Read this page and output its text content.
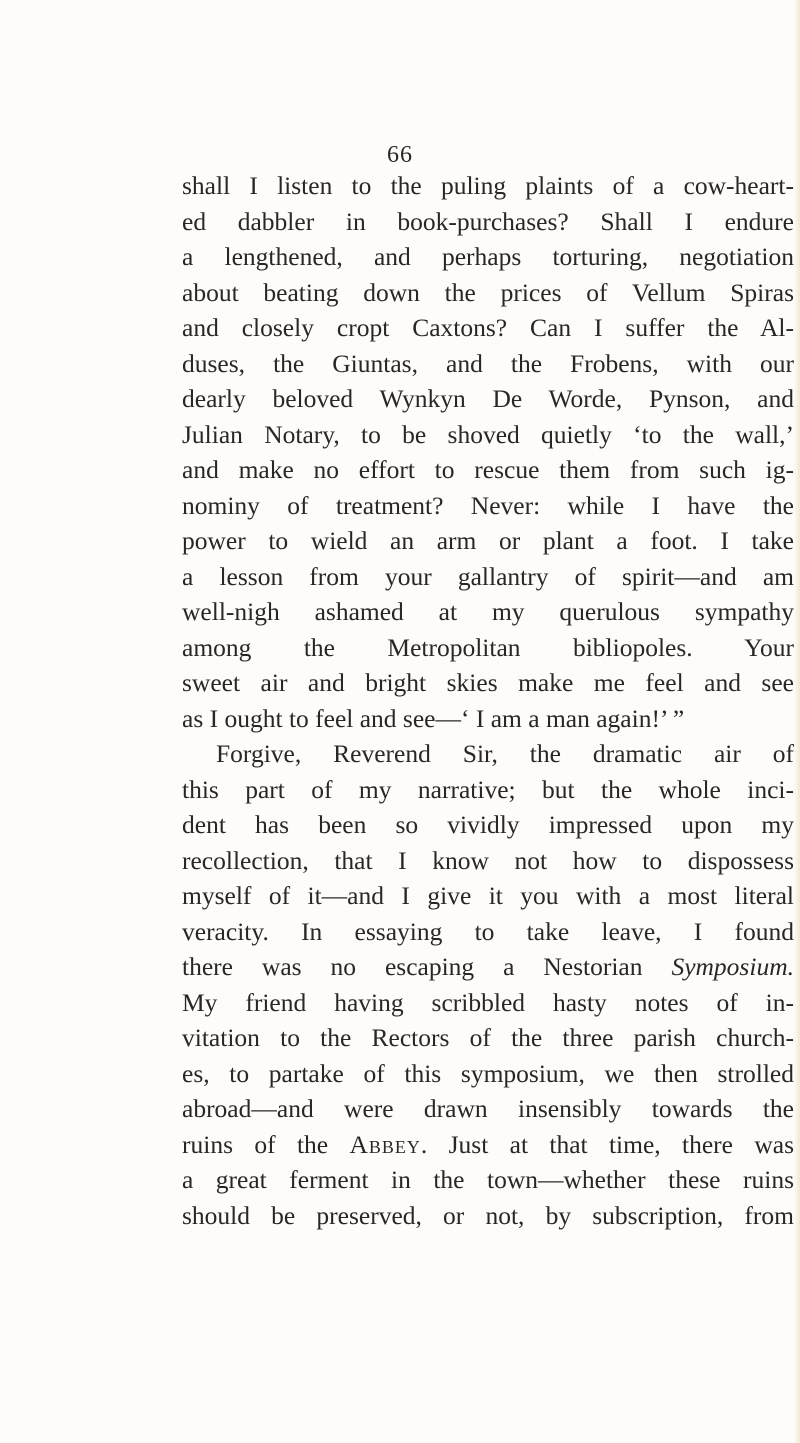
66
shall I listen to the puling plaints of a cow-heart-
ed dabbler in book-purchases? Shall I endure
a lengthened, and perhaps torturing, negotiation
about beating down the prices of Vellum Spiras
and closely cropt Caxtons? Can I suffer the Al-
duses, the Giuntas, and the Frobens, with our
dearly beloved Wynkyn De Worde, Pynson, and
Julian Notary, to be shoved quietly ‘to the wall,’
and make no effort to rescue them from such ig-
nominy of treatment? Never: while I have the
power to wield an arm or plant a foot. I take
a lesson from your gallantry of spirit—and am
well-nigh ashamed at my querulous sympathy
among the Metropolitan bibliopoles. Your
sweet air and bright skies make me feel and see
as I ought to feel and see—‘ I am a man again!’ ”
Forgive, Reverend Sir, the dramatic air of
this part of my narrative; but the whole inci-
dent has been so vividly impressed upon my
recollection, that I know not how to dispossess
myself of it—and I give it you with a most literal
veracity. In essaying to take leave, I found
there was no escaping a Nestorian Symposium.
My friend having scribbled hasty notes of in-
vitation to the Rectors of the three parish church-
es, to partake of this symposium, we then strolled
abroad—and were drawn insensibly towards the
ruins of the Abbey. Just at that time, there was
a great ferment in the town—whether these ruins
should be preserved, or not, by subscription, from
